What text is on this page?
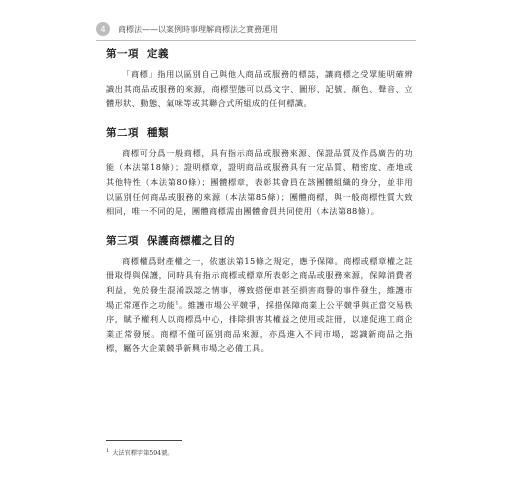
4	商標法——以案例時事理解商標法之實務運用
第一項 定義

「商標」指用以區別自己與他人商品或服務的標誌，讓商標之受眾能明確辨識出其商品或服務的來源，商標型態可以爲文字、圖形、記號、顏色、聲音、立體形狀、動態、氣味等或其聯合式所組成的任何標識。

第二項 種類

商標可分爲一般商標，具有指示商品或服務來源、保證品質及作爲廣告的功能（本法第18條）；證明標章，證明商品或服務具有一定品質、精密度、產地或其他特性（本法第80條）；團體標章，表彰其會員在該團體組織的身分，並非用以區別任何商品或服務的來源（本法第85條）；團體商標，與一般商標性質大致相同，唯一不同的是，團體商標需由團體會員共同使用（本法第88條）。

第三項 保護商標權之目的

商標權爲財產權之一，依憲法第15條之規定，應予保障。商標或標章權之註冊取得與保護，同時具有指示商標或標章所表彰之商品或服務來源，保障消費者利益，免於發生混淆誤認之情事，導致搭便車甚至損害商譽的事件發生，維護市場正常運作之功能$^1$。維護市場公平競爭，採措保障商業上公平競爭與正當交易秩序，賦予權利人以商標爲中心，排除損害其權益之使用或註冊，以達促進工商企業正常發展。商標不僅可區別商品來源，亦爲進入不同市場，認識新商品之指標，屬各大企業競爭新興市場之必備工具。

$^1$ 大法官釋字第594號。
